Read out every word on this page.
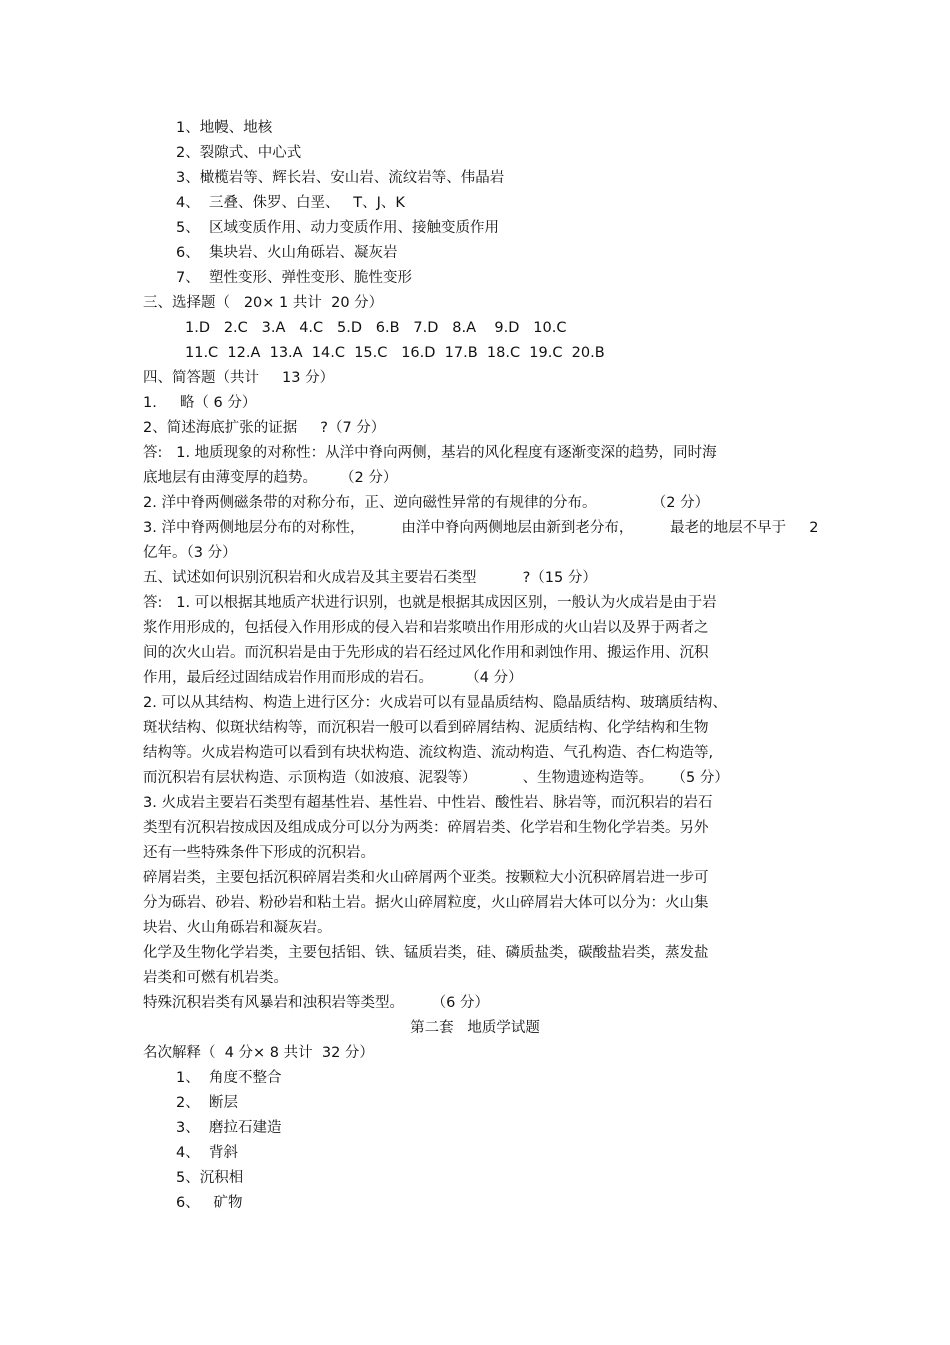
1、地幔、地核
2、裂隙式、中心式
3、橄榄岩等、辉长岩、安山岩、流纹岩等、伟晶岩
4、  三叠、侏罗、白垩、   T、J、K
5、  区域变质作用、动力变质作用、接触变质作用
6、  集块岩、火山角砾岩、凝灰岩
7、  塑性变形、弹性变形、脆性变形
三、选择题（   20× 1 共计  20 分）
1.D   2.C   3.A   4.C   5.D   6.B   7.D   8.A    9.D   10.C
11.C  12.A  13.A  14.C  15.C   16.D  17.B  18.C  19.C  20.B
四、简答题（共计     13 分）
1.     略（ 6 分）
2、简述海底扩张的证据     ?（7 分）
答:   1. 地质现象的对称性：从洋中脊向两侧，基岩的风化程度有逐渐变深的趋势，同时海
底地层有由薄变厚的趋势。     （2 分）
2. 洋中脊两侧磁条带的对称分布，正、逆向磁性异常的有规律的分布。            （2 分）
3. 洋中脊两侧地层分布的对称性，        由洋中脊向两侧地层由新到老分布，        最老的地层不早于     2
亿年。（3 分）
五、试述如何识别沉积岩和火成岩及其主要岩石类型          ?（15 分）
答:   1. 可以根据其地质产状进行识别，也就是根据其成因区别，一般认为火成岩是由于岩
浆作用形成的，包括侵入作用形成的侵入岩和岩浆喷出作用形成的火山岩以及界于两者之
间的次火山岩。而沉积岩是由于先形成的岩石经过风化作用和剥蚀作用、搬运作用、沉积
作用，最后经过固结成岩作用而形成的岩石。       （4 分）
2. 可以从其结构、构造上进行区分：火成岩可以有显晶质结构、隐晶质结构、玻璃质结构、
斑状结构、似斑状结构等，而沉积岩一般可以看到碎屑结构、泥质结构、化学结构和生物
结构等。火成岩构造可以看到有块状构造、流纹构造、流动构造、气孔构造、杏仁构造等,
而沉积岩有层状构造、示顶构造（如波痕、泥裂等）          、生物遗迹构造等。    （5 分）
3. 火成岩主要岩石类型有超基性岩、基性岩、中性岩、酸性岩、脉岩等，而沉积岩的岩石
类型有沉积岩按成因及组成成分可以分为两类：碎屑岩类、化学岩和生物化学岩类。另外
还有一些特殊条件下形成的沉积岩。
碎屑岩类，主要包括沉积碎屑岩类和火山碎屑两个亚类。按颗粒大小沉积碎屑岩进一步可
分为砾岩、砂岩、粉砂岩和粘土岩。据火山碎屑粒度，火山碎屑岩大体可以分为：火山集
块岩、火山角砾岩和凝灰岩。
化学及生物化学岩类，主要包括铝、铁、锰质岩类，硅、磷质盐类，碳酸盐岩类，蒸发盐
岩类和可燃有机岩类。
特殊沉积岩类有风暴岩和浊积岩等类型。      （6 分）
第二套   地质学试题
名次解释（  4 分× 8 共计  32 分）
1、  角度不整合
2、  断层
3、  磨拉石建造
4、  背斜
5、沉积相
6、   矿物
